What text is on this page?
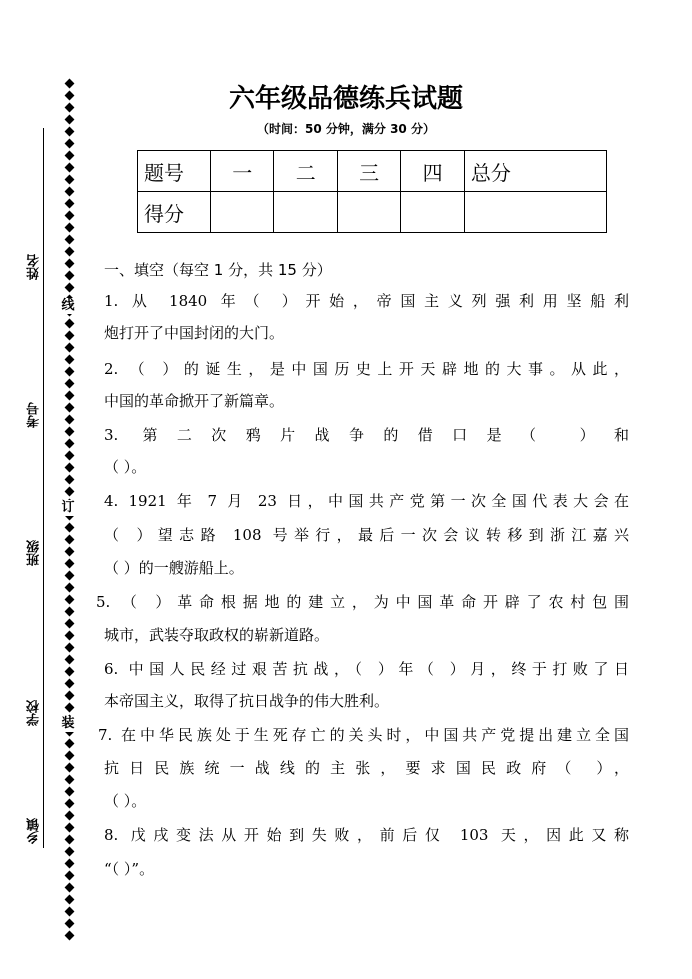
姓名
考号
班级
学校
乡镇
线
订
装
六年级品德练兵试题
（时间：50 分钟，满分 30 分）
题号	一	二	三	四	总分
得分					
一、填空（每空 1 分，共 15 分）
1. 从 1840 年（ ）开始，帝国主义列强利用坚船利
炮打开了中国封闭的大门。
2. （ ）的诞生，是中国历史上开天辟地的大事。从此，
中国的革命掀开了新篇章。
3. 第二次鸦片战争的借口是（ ）和
（ ）。
4. 1921 年 7 月 23 日，中国共产党第一次全国代表大会在
（ ）望志路 108 号举行，最后一次会议转移到浙江嘉兴
（ ）的一艘游船上。
5. （ ）革命根据地的建立，为中国革命开辟了农村包围
城市，武装夺取政权的崭新道路。
6. 中国人民经过艰苦抗战，（ ）年（ ）月，终于打败了日
本帝国主义，取得了抗日战争的伟大胜利。
7. 在中华民族处于生死存亡的关头时，中国共产党提出建立全国
抗日民族统一战线的主张，要求国民政府（ ），
（ ）。
8. 戊戌变法从开始到失败，前后仅 103 天，因此又称
“（ ）”。
